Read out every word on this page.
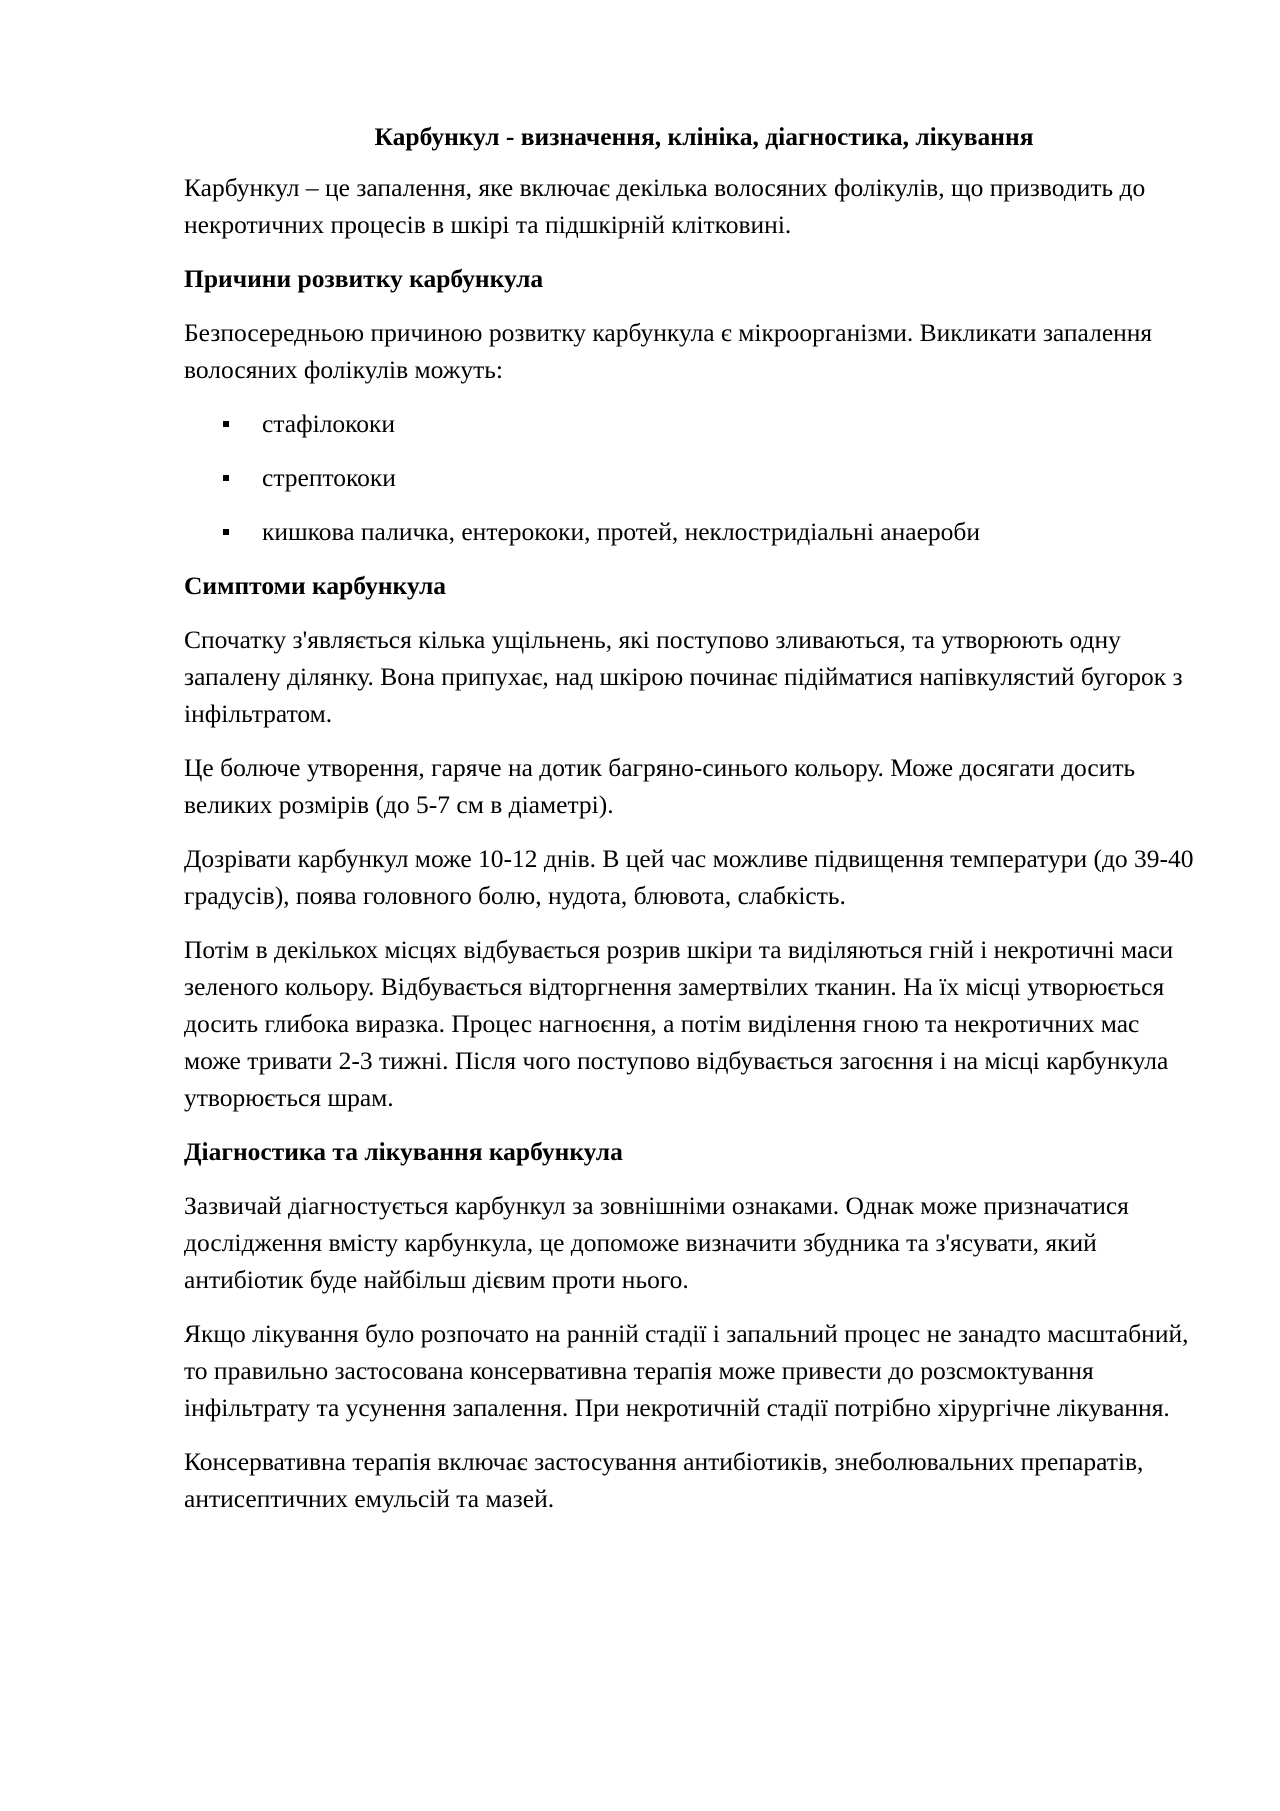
Карбункул - визначення, клініка, діагностика, лікування

Карбункул – це запалення, яке включає декілька волосяних фолікулів, що призводить до некротичних процесів в шкірі та підшкірній клітковині.

Причини розвитку карбункула

Безпосередньою причиною розвитку карбункула є мікроорганізми. Викликати запалення волосяних фолікулів можуть:

стафілококи
стрептококи
кишкова паличка, ентерококи, протей, неклостридіальні анаероби
Симптоми карбункула

Спочатку з'являється кілька ущільнень, які поступово зливаються, та утворюють одну запалену ділянку. Вона припухає, над шкірою починає підійматися напівкулястий бугорок з інфільтратом.

Це болюче утворення, гаряче на дотик багряно-синього кольору. Може досягати досить великих розмірів (до 5-7 см в діаметрі).

Дозрівати карбункул може 10-12 днів. В цей час можливе підвищення температури (до 39-40 градусів), поява головного болю, нудота, блювота, слабкість.

Потім в декількох місцях відбувається розрив шкіри та виділяються гній і некротичні маси зеленого кольору. Відбувається відторгнення замертвілих тканин. На їх місці утворюється досить глибока виразка. Процес нагноєння, а потім виділення гною та некротичних мас може тривати 2-3 тижні. Після чого поступово відбувається загоєння і на місці карбункула утворюється шрам.

Діагностика та лікування карбункула

Зазвичай діагностується карбункул за зовнішніми ознаками. Однак може призначатися дослідження вмісту карбункула, це допоможе визначити збудника та з'ясувати, який антибіотик буде найбільш дієвим проти нього.

Якщо лікування було розпочато на ранній стадії і запальний процес не занадто масштабний, то правильно застосована консервативна терапія може привести до розсмоктування інфільтрату та усунення запалення. При некротичній стадії потрібно хірургічне лікування.

Консервативна терапія включає застосування антибіотиків, знеболювальних препаратів, антисептичних емульсій та мазей.
